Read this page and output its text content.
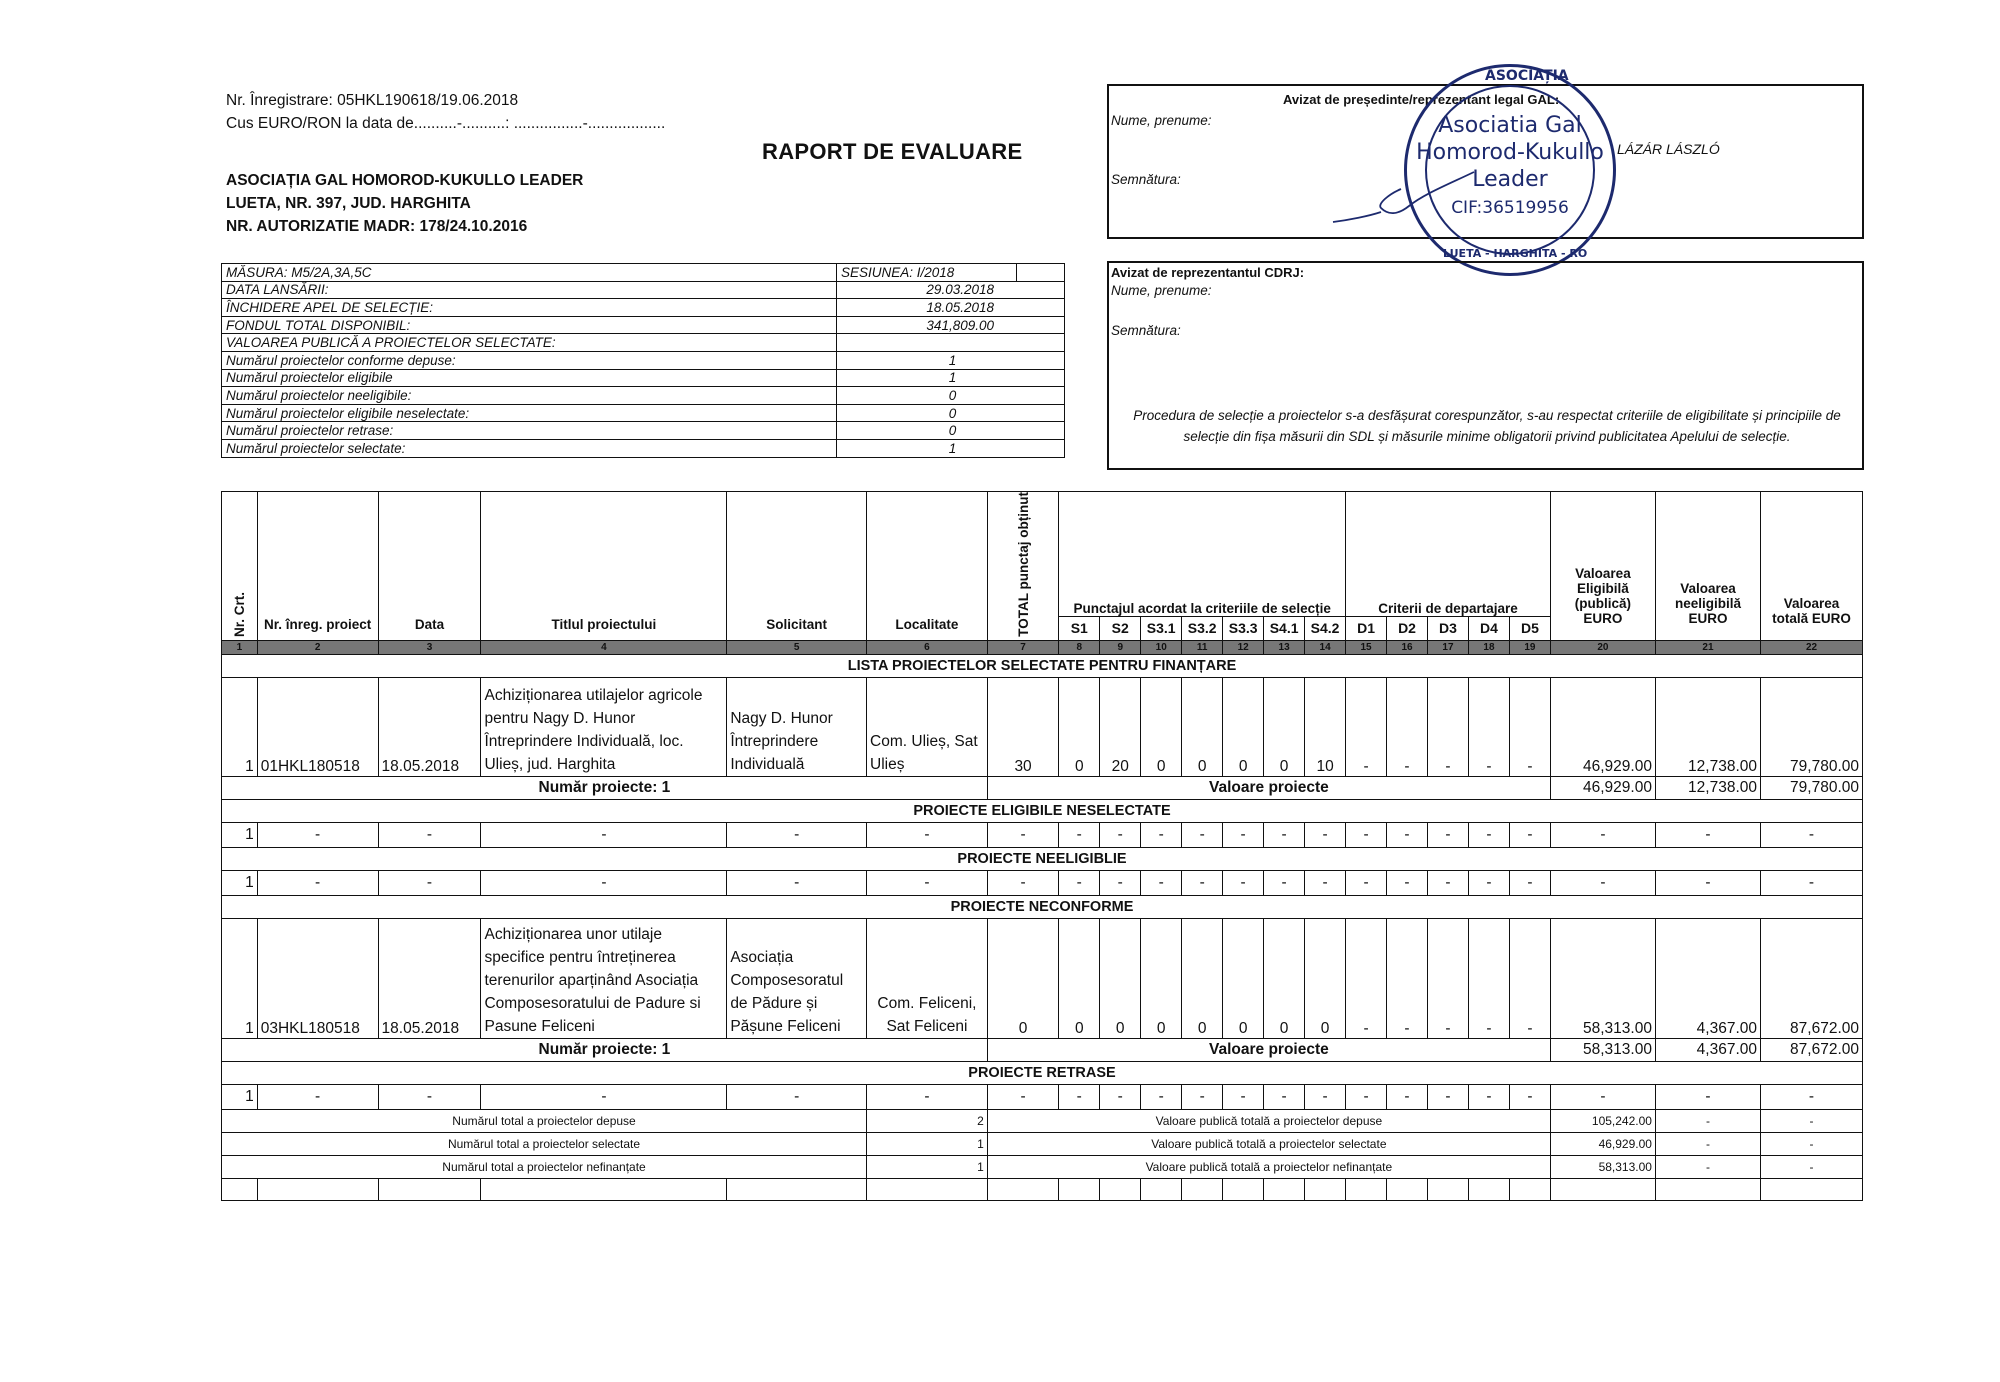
Nr. Înregistrare: 05HKL190618/19.06.2018
Cus EURO/RON la data de..........-..........: ................-..................
ASOCIAȚIA GAL HOMOROD-KUKULLO LEADER
LUETA, NR. 397, JUD. HARGHITA
NR. AUTORIZATIE MADR: 178/24.10.2016
RAPORT DE EVALUARE
MĂSURA: M5/2A,3A,5C	SESIUNEA: I/2018	
DATA LANSĂRII:	29.03.2018	
ÎNCHIDERE APEL DE SELECȚIE:	18.05.2018	
FONDUL TOTAL DISPONIBIL:	341,809.00	
VALOAREA PUBLICĂ A PROIECTELOR SELECTATE:		
Numărul proiectelor conforme depuse:	1	
Numărul proiectelor eligibile	1	
Numărul proiectelor neeligibile:	0	
Numărul proiectelor eligibile neselectate:	0	
Numărul proiectelor retrase:	0	
Numărul proiectelor selectate:	1	
Avizat de președinte/reprezentant legal GAL:
Nume, prenume:
Semnătura:
LÁZÁR LÁSZLÓ
ASOCIAȚIA
Asociatia Gal
Homorod-Kukullo
Leader
CIF:36519956
LUETA - HARGHITA - RO
Avizat de reprezentantul CDRJ:
Nume, prenume:
Semnătura:
Procedura de selecție a proiectelor s-a desfășurat corespunzător, s-au respectat criteriile de eligibilitate și principiile de selecție din fișa măsurii din SDL și măsurile minime obligatorii privind publicitatea Apelului de selecție.
Nr. Crt.	Nr. înreg. proiect	Data	Titlul proiectului	Solicitant	Localitate	TOTAL punctaj obținut	Punctajul acordat la criteriile de selecție							Criterii de departajare					Valoarea Eligibilă (publică) EURO	Valoarea neeligibilă EURO	Valoarea totală EURO
							S1	S2	S3.1	S3.2	S3.3	S4.1	S4.2	D1	D2	D3	D4	D5			
1	2	3	4	5	6	7	8	9	10	11	12	13	14	15	16	17	18	19	20	21	22
LISTA PROIECTELOR SELECTATE PENTRU FINANȚARE																					
1	01HKL180518	18.05.2018	Achiziționarea utilajelor agricole pentru Nagy D. Hunor Întreprindere Individuală, loc. Ulieș, jud. Harghita	Nagy D. Hunor Întreprindere Individuală	Com. Ulieș, Sat Ulieș	30	0	20	0	0	0	0	10	-	-	-	-	-	46,929.00	12,738.00	79,780.00
Număr proiecte: 1						Valoare proiecte													46,929.00	12,738.00	79,780.00
PROIECTE ELIGIBILE NESELECTATE																					
1	-	-	-	-	-	-	-	-	-	-	-	-	-	-	-	-	-	-	-	-	-
PROIECTE NEELIGIBLIE																					
1	-	-	-	-	-	-	-	-	-	-	-	-	-	-	-	-	-	-	-	-	-
PROIECTE NECONFORME																					
1	03HKL180518	18.05.2018	Achiziționarea unor utilaje specifice pentru întreținerea terenurilor aparținând Asociația Composesoratului de Padure si Pasune Feliceni	Asociația Composesoratul de Pădure și Pășune Feliceni	Com. Feliceni, Sat Feliceni	0	0	0	0	0	0	0	0	-	-	-	-	-	58,313.00	4,367.00	87,672.00
Număr proiecte: 1						Valoare proiecte													58,313.00	4,367.00	87,672.00
PROIECTE RETRASE																					
1	-	-	-	-	-	-	-	-	-	-	-	-	-	-	-	-	-	-	-	-	-
Numărul total a proiectelor depuse					2	Valoare publică totală a proiectelor depuse													105,242.00	-	-
Numărul total a proiectelor selectate					1	Valoare publică totală a proiectelor selectate													46,929.00	-	-
Numărul total a proiectelor nefinanțate					1	Valoare publică totală a proiectelor nefinanțate													58,313.00	-	-
